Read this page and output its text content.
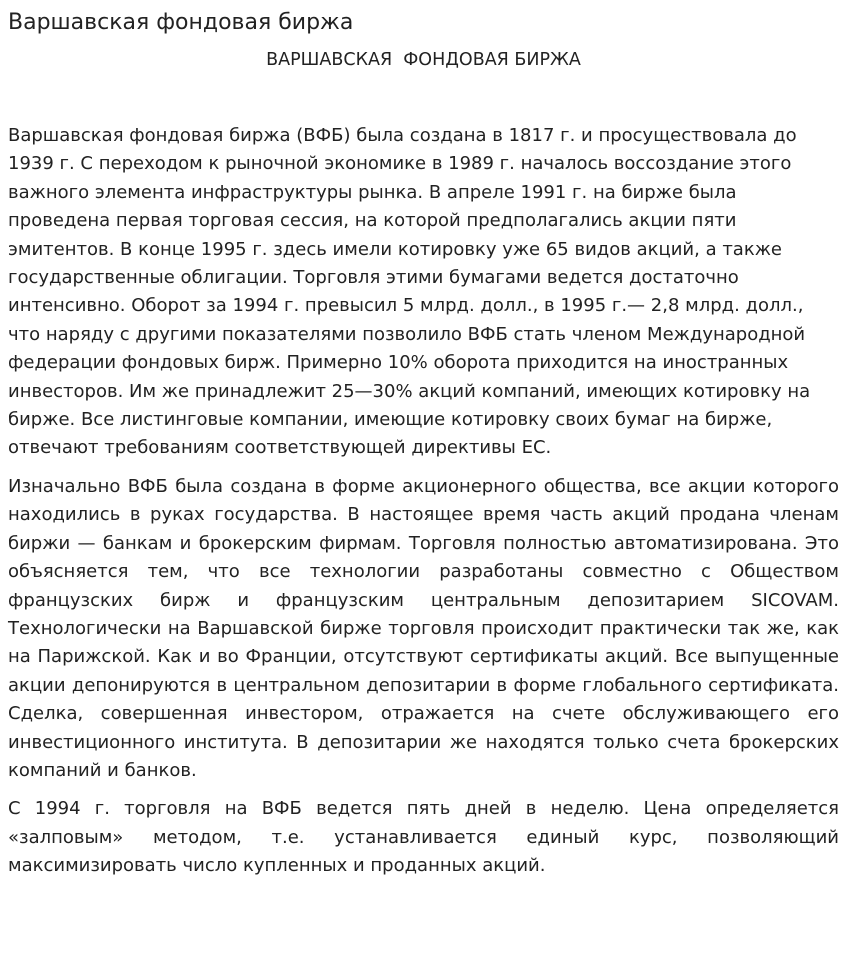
Варшавская фондовая биржа
ВАРШАВСКАЯ  ФОНДОВАЯ БИРЖА

Варшавская фондовая биржа (ВФБ) была создана в 1817 г. и просуществовала до 1939 г. С переходом к рыночной экономике в 1989 г. началось воссоздание этого важного элемента инфраструктуры рынка. В апреле 1991 г. на бирже была проведена первая торговая сессия, на которой предполагались акции пяти эмитентов. В конце 1995 г. здесь имели котировку уже 65 видов акций, а также государственные облигации. Торговля этими бумагами ведется достаточно интенсивно. Оборот за 1994 г. превысил 5 млрд. долл., в 1995 г.— 2,8 млрд. долл., что наряду с другими показателями позволило ВФБ стать членом Международной федерации фондовых бирж. Примерно 10% оборота приходится на иностранных инвесторов. Им же принадлежит 25—30% акций компаний, имеющих котировку на бирже. Все листинговые компании, имеющие котировку своих бумаг на бирже, отвечают требованиям соответствующей директивы ЕС.

Изначально ВФБ была создана в форме акционерного общества, все акции которого находились в руках государства. В настоящее время часть акций продана членам биржи — банкам и брокерским фирмам. Торговля полностью автоматизирована. Это объясняется тем, что все технологии разработаны совместно с Обществом французских бирж и французским центральным депозитарием SICOVAM. Технологически на Варшавской бирже торговля происходит практически так же, как на Парижской. Как и во Франции, отсутствуют сертификаты акций. Все выпущенные акции депонируются в центральном депозитарии в форме глобального сертификата. Сделка, совершенная инвестором, отражается на счете обслуживающего его инвестиционного института. В депозитарии же находятся только счета брокерских компаний и банков.

С 1994 г. торговля на ВФБ ведется пять дней в неделю. Цена определяется «залповым» методом, т.е. устанавливается единый курс, позволяющий максимизировать число купленных и проданных акций.
